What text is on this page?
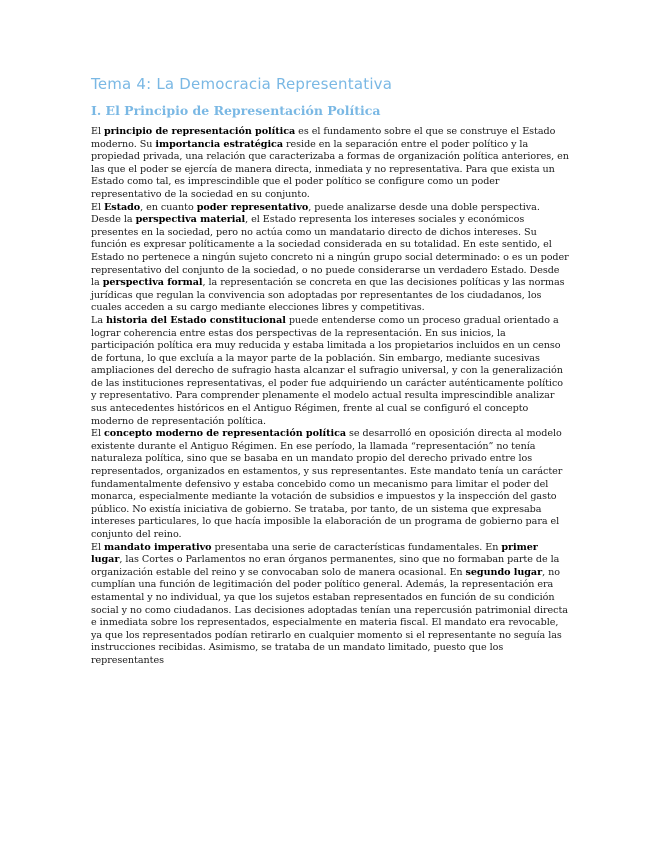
Tema 4: La Democracia Representativa
I. El Principio de Representación Política

El principio de representación política es el fundamento sobre el que se construye el Estado moderno. Su importancia estratégica reside en la separación entre el poder político y la propiedad privada, una relación que caracterizaba a formas de organización política anteriores, en las que el poder se ejercía de manera directa, inmediata y no representativa. Para que exista un Estado como tal, es imprescindible que el poder político se configure como un poder representativo de la sociedad en su conjunto.

El Estado, en cuanto poder representativo, puede analizarse desde una doble perspectiva. Desde la perspectiva material, el Estado representa los intereses sociales y económicos presentes en la sociedad, pero no actúa como un mandatario directo de dichos intereses. Su función es expresar políticamente a la sociedad considerada en su totalidad. En este sentido, el Estado no pertenece a ningún sujeto concreto ni a ningún grupo social determinado: o es un poder representativo del conjunto de la sociedad, o no puede considerarse un verdadero Estado. Desde la perspectiva formal, la representación se concreta en que las decisiones políticas y las normas jurídicas que regulan la convivencia son adoptadas por representantes de los ciudadanos, los cuales acceden a su cargo mediante elecciones libres y competitivas.

La historia del Estado constitucional puede entenderse como un proceso gradual orientado a lograr coherencia entre estas dos perspectivas de la representación. En sus inicios, la participación política era muy reducida y estaba limitada a los propietarios incluidos en un censo de fortuna, lo que excluía a la mayor parte de la población. Sin embargo, mediante sucesivas ampliaciones del derecho de sufragio hasta alcanzar el sufragio universal, y con la generalización de las instituciones representativas, el poder fue adquiriendo un carácter auténticamente político y representativo. Para comprender plenamente el modelo actual resulta imprescindible analizar sus antecedentes históricos en el Antiguo Régimen, frente al cual se configuró el concepto moderno de representación política.

El concepto moderno de representación política se desarrolló en oposición directa al modelo existente durante el Antiguo Régimen. En ese período, la llamada “representación” no tenía naturaleza política, sino que se basaba en un mandato propio del derecho privado entre los representados, organizados en estamentos, y sus representantes. Este mandato tenía un carácter fundamentalmente defensivo y estaba concebido como un mecanismo para limitar el poder del monarca, especialmente mediante la votación de subsidios e impuestos y la inspección del gasto público. No existía iniciativa de gobierno. Se trataba, por tanto, de un sistema que expresaba intereses particulares, lo que hacía imposible la elaboración de un programa de gobierno para el conjunto del reino.

El mandato imperativo presentaba una serie de características fundamentales. En primer lugar, las Cortes o Parlamentos no eran órganos permanentes, sino que no formaban parte de la organización estable del reino y se convocaban solo de manera ocasional. En segundo lugar, no cumplían una función de legitimación del poder político general. Además, la representación era estamental y no individual, ya que los sujetos estaban representados en función de su condición social y no como ciudadanos. Las decisiones adoptadas tenían una repercusión patrimonial directa e inmediata sobre los representados, especialmente en materia fiscal. El mandato era revocable, ya que los representados podían retirarlo en cualquier momento si el representante no seguía las instrucciones recibidas. Asimismo, se trataba de un mandato limitado, puesto que los representantes
